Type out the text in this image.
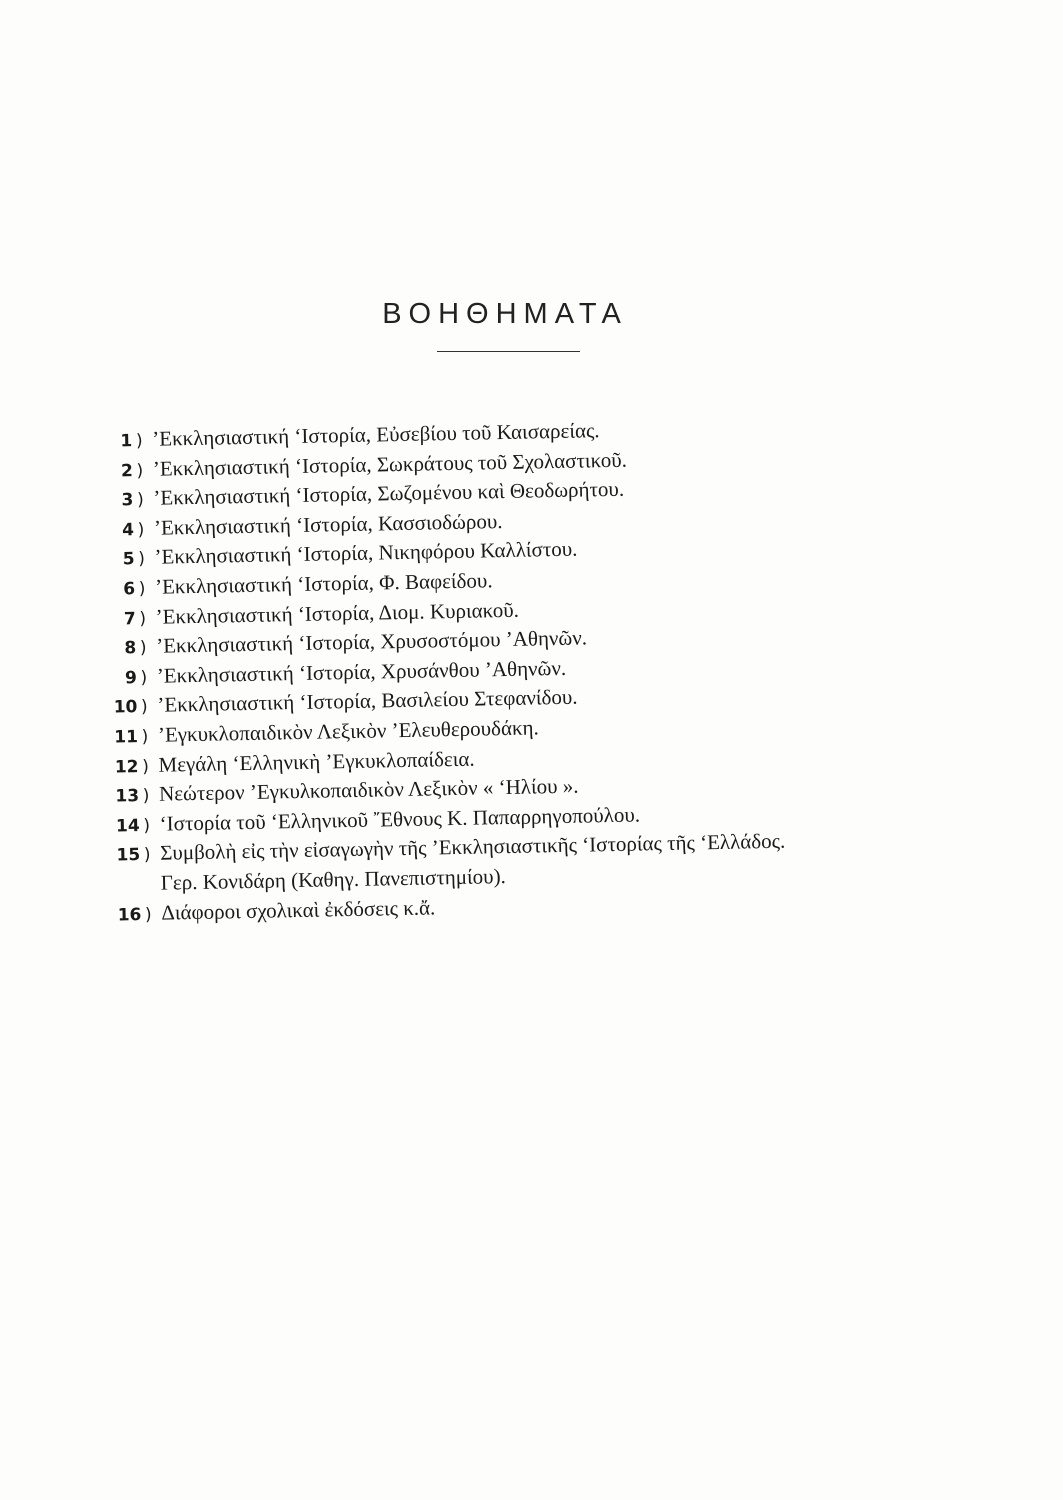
ΒΟΗΘΗΜΑΤΑ
1 ) ’Εκκλησιαστική ‘Ιστορία, Εὐσεβίου τοῦ Καισαρείας.
2 ) ’Εκκλησιαστική ‘Ιστορία, Σωκράτους τοῦ Σχολαστικοῦ.
3 ) ’Εκκλησιαστική ‘Ιστορία, Σωζομένου καὶ Θεοδωρήτου.
4 ) ’Εκκλησιαστική ‘Ιστορία, Κασσιοδώρου.
5 ) ’Εκκλησιαστική ‘Ιστορία, Νικηφόρου Καλλίστου.
6 ) ’Εκκλησιαστική ‘Ιστορία, Φ. Βαφείδου.
7 ) ’Εκκλησιαστική ‘Ιστορία, Διομ. Κυριακοῦ.
8 ) ’Εκκλησιαστική ‘Ιστορία, Χρυσοστόμου ’Αθηνῶν.
9 ) ’Εκκλησιαστική ‘Ιστορία, Χρυσάνθου ’Αθηνῶν.
10 ) ’Εκκλησιαστική ‘Ιστορία, Βασιλείου Στεφανίδου.
11 ) ’Εγκυκλοπαιδικὸν Λεξικὸν ’Ελευθερουδάκη.
12 ) Μεγάλη ‘Ελληνικὴ ’Εγκυκλοπαίδεια.
13 ) Νεώτερον ’Εγκυλκοπαιδικὸν Λεξικὸν « ‘Ηλίου ».
14 ) ‘Ιστορία τοῦ ‘Ελληνικοῦ ῎Εθνους Κ. Παπαρρηγοπούλου.
15 ) Συμβολὴ εἰς τὴν εἰσαγωγὴν τῆς ’Εκκλησιαστικῆς ‘Ιστορίας τῆς ‘Ελλάδος.
Γερ. Κονιδάρη (Καθηγ. Πανεπιστημίου).
16 ) Διάφοροι σχολικαὶ ἐκδόσεις κ.ἄ.
